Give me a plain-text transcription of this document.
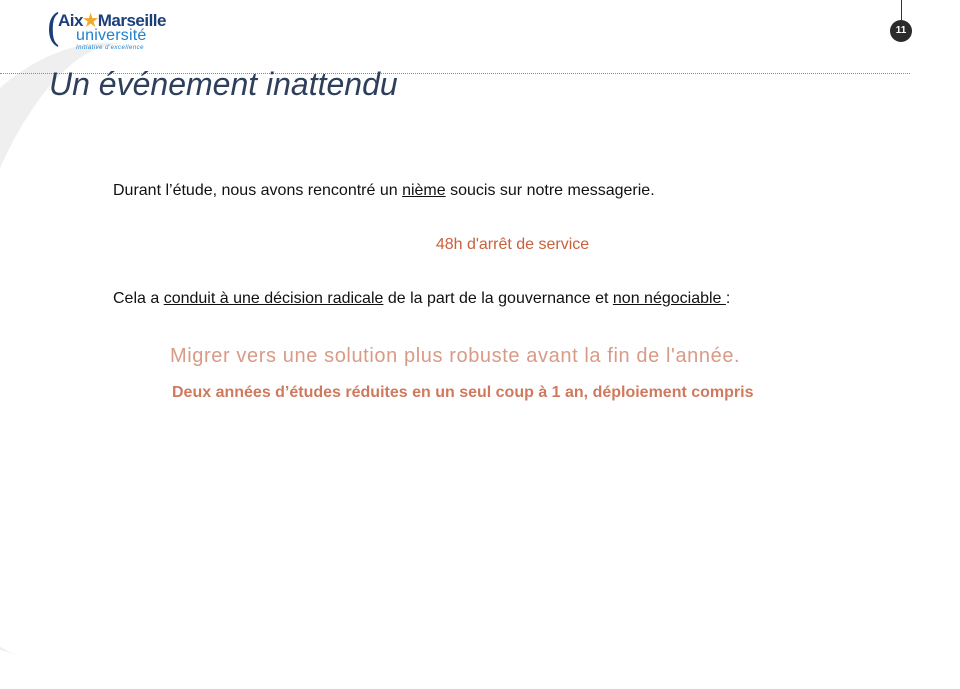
(
Aix★Marseille
université
Initiative d'excellence
11
Un événement inattendu
Durant l’étude, nous avons rencontré un nième soucis sur notre messagerie.
48h d'arrêt de service
Cela a conduit à une décision radicale de la part de la gouvernance et non négociable :
Migrer vers une solution plus robuste avant la fin de l'année.
Deux années d’études réduites en un seul coup à 1 an, déploiement compris
